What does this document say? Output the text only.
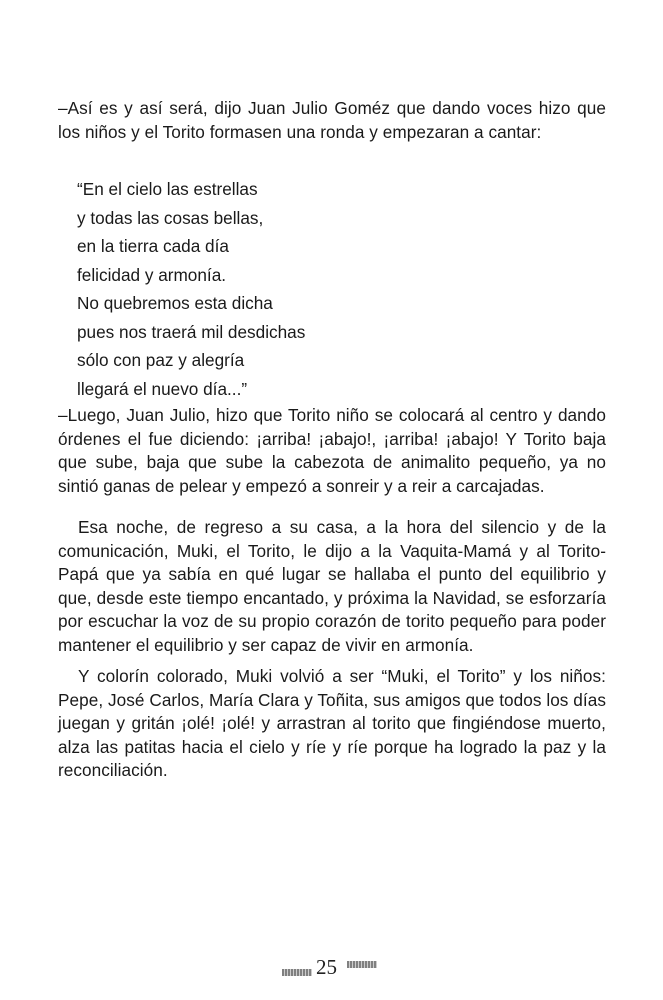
–Así es y así será, dijo Juan Julio Goméz que dando voces hizo que los niños y el Torito formasen una ronda y empezaran a cantar:

“En el cielo las estrellas
y todas las cosas bellas,
en la tierra cada día
felicidad y armonía.
No quebremos esta dicha
pues nos traerá mil desdichas
sólo con paz y alegría
llegará el nuevo día...”

–Luego, Juan Julio, hizo que Torito niño se colocará al centro y dando órdenes el fue diciendo: ¡arriba! ¡abajo!, ¡arriba! ¡abajo! Y Torito baja que sube, baja que sube la cabezota de animalito pequeño, ya no sintió ganas de pelear y empezó a sonreir y a reir a carcajadas.

Esa noche, de regreso a su casa, a la hora del silencio y de la comunicación, Muki, el Torito, le dijo a la Vaquita-Mamá y al Torito-Papá que ya sabía en qué lugar se hallaba el punto del equilibrio y que, desde este tiempo encantado, y próxima la Navidad, se esforzaría por escuchar la voz de su propio corazón de torito pequeño para poder mantener el equilibrio y ser capaz de vivir en armonía.

Y colorín colorado, Muki volvió a ser “Muki, el Torito” y los niños: Pepe, José Carlos, María Clara y Toñita, sus amigos que todos los días juegan y gritán ¡olé! ¡olé! y arrastran al torito que fingiéndose muerto, alza las patitas hacia el cielo y ríe y ríe porque ha logrado la paz y la reconciliación.

25
